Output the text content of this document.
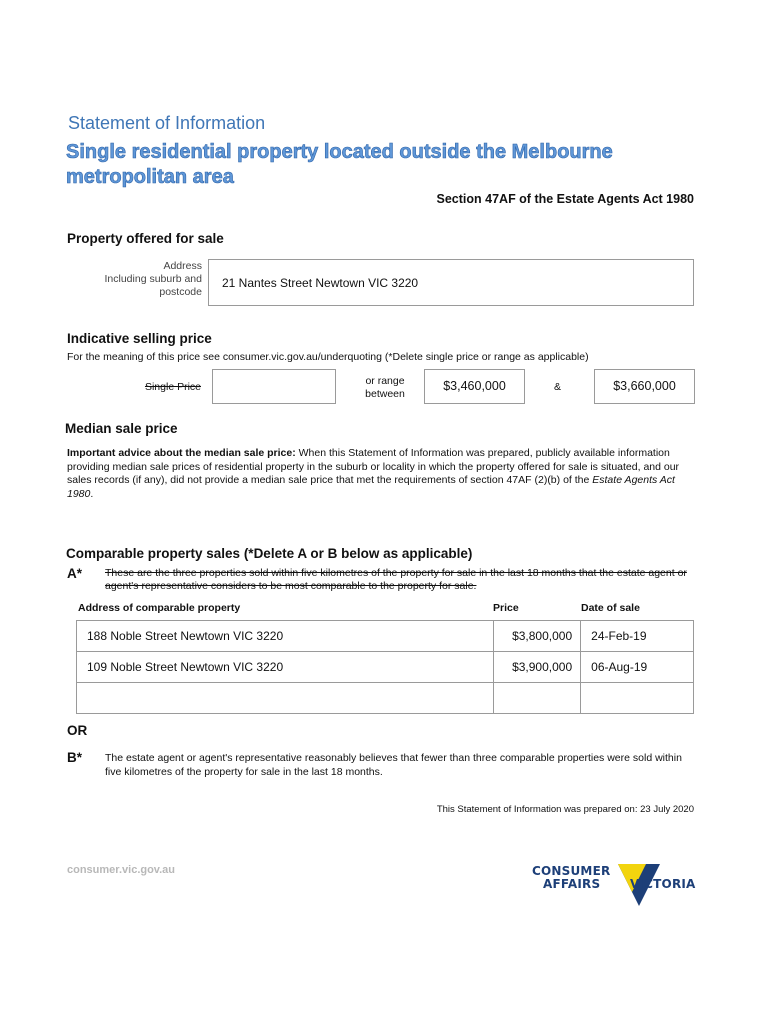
Statement of Information
Single residential property located outside the Melbourne metropolitan area
Section 47AF of the Estate Agents Act 1980
Property offered for sale
Address
Including suburb and postcode
21 Nantes Street Newtown VIC 3220
Indicative selling price
For the meaning of this price see consumer.vic.gov.au/underquoting (*Delete single price or range as applicable)
Single Price	or range between
$3,460,000	&	$3,660,000
Median sale price
Important advice about the median sale price: When this Statement of Information was prepared, publicly available information providing median sale prices of residential property in the suburb or locality in which the property offered for sale is situated, and our sales records (if any), did not provide a median sale price that met the requirements of section 47AF (2)(b) of the Estate Agents Act 1980.
Comparable property sales (*Delete A or B below as applicable)
A* These are the three properties sold within five kilometres of the property for sale in the last 18 months that the estate agent or agent's representative considers to be most comparable to the property for sale.
Address of comparable property	Price	Date of sale
188 Noble Street Newtown VIC 3220	$3,800,000	24-Feb-19
109 Noble Street Newtown VIC 3220	$3,900,000	06-Aug-19

OR
B* The estate agent or agent's representative reasonably believes that fewer than three comparable properties were sold within five kilometres of the property for sale in the last 18 months.
This Statement of Information was prepared on: 23 July 2020
consumer.vic.gov.au	CONSUMER
AFFAIRS VICTORIA
